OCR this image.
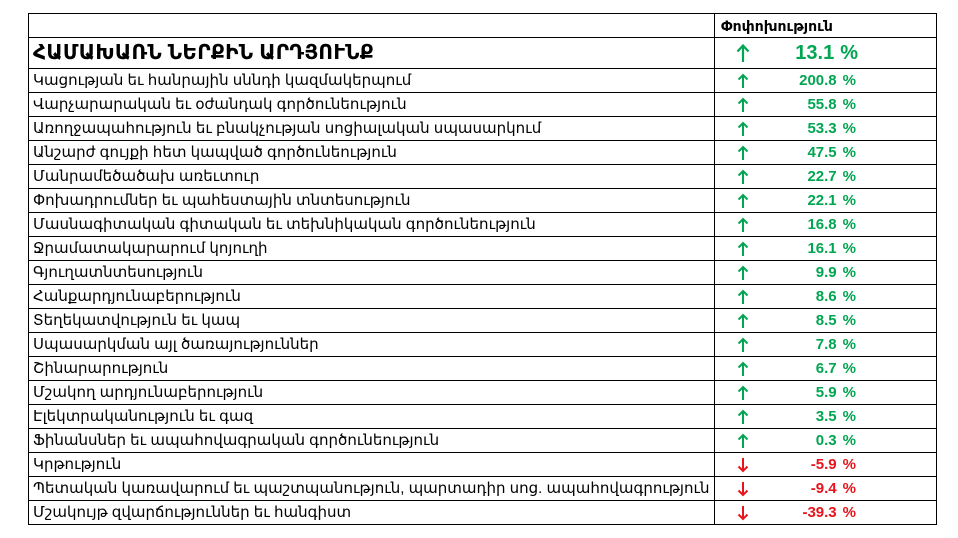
	Փոփոխություն
ՀԱՄԱԽԱՌՆ ՆԵՐՔԻՆ ԱՐԴՅՈՒՆՔ	13.1 %

Կացության եւ հանրային սննդի կազմակերպում	200.8 %

Վարչարարական եւ օժանդակ գործունեություն	55.8 %

Առողջապահություն եւ բնակչության սոցիալական սպասարկում	53.3 %

Անշարժ գույքի հետ կապված գործունեություն	47.5 %

Մանրամեծածախ առեւտուր	22.7 %

Փոխադրումներ եւ պահեստային տնտեսություն	22.1 %

Մասնագիտական գիտական եւ տեխնիկական գործունեություն	16.8 %

Ջրամատակարարում կոյուղի	16.1 %

Գյուղատնտեսություն	9.9 %

Հանքարդյունաբերություն	8.6 %

Տեղեկատվություն եւ կապ	8.5 %

Սպասարկման այլ ծառայություններ	7.8 %

Շինարարություն	6.7 %

Մշակող արդյունաբերություն	5.9 %

Էլեկտրականություն եւ գազ	3.5 %

Ֆինանսներ եւ ապահովագրական գործունեություն	0.3 %

Կրթություն	-5.9 %

Պետական կառավարում եւ պաշտպանություն, պարտադիր սոց. ապահովագրություն	-9.4 %

Մշակույթ զվարճություններ եւ հանգիստ	-39.3 %
